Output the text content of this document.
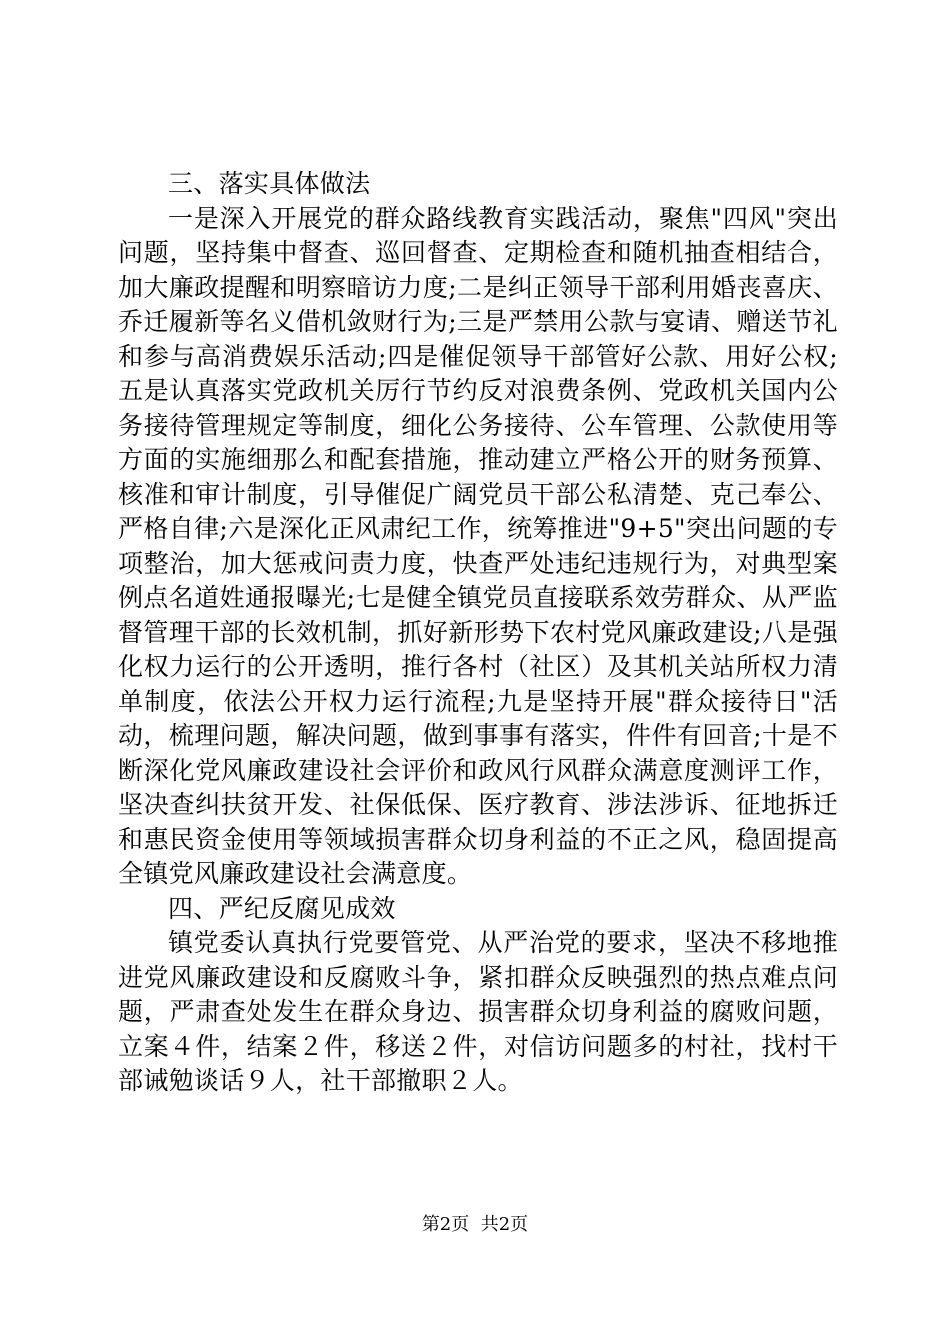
三、落实具体做法

一是深入开展党的群众路线教育实践活动，聚焦"四风"突出问题，坚持集中督查、巡回督查、定期检查和随机抽查相结合，加大廉政提醒和明察暗访力度;二是纠正领导干部利用婚丧喜庆、乔迁履新等名义借机敛财行为;三是严禁用公款与宴请、赠送节礼和参与高消费娱乐活动;四是催促领导干部管好公款、用好公权;五是认真落实党政机关厉行节约反对浪费条例、党政机关国内公务接待管理规定等制度，细化公务接待、公车管理、公款使用等方面的实施细那么和配套措施，推动建立严格公开的财务预算、核准和审计制度，引导催促广阔党员干部公私清楚、克己奉公、严格自律;六是深化正风肃纪工作，统筹推进"9+5"突出问题的专项整治，加大惩戒问责力度，快查严处违纪违规行为，对典型案例点名道姓通报曝光;七是健全镇党员直接联系效劳群众、从严监督管理干部的长效机制，抓好新形势下农村党风廉政建设;八是强化权力运行的公开透明，推行各村（社区）及其机关站所权力清单制度，依法公开权力运行流程;九是坚持开展"群众接待日"活动，梳理问题，解决问题，做到事事有落实，件件有回音;十是不断深化党风廉政建设社会评价和政风行风群众满意度测评工作，坚决查纠扶贫开发、社保低保、医疗教育、涉法涉诉、征地拆迁和惠民资金使用等领域损害群众切身利益的不正之风，稳固提高全镇党风廉政建设社会满意度。

四、严纪反腐见成效

镇党委认真执行党要管党、从严治党的要求，坚决不移地推进党风廉政建设和反腐败斗争，紧扣群众反映强烈的热点难点问题，严肃查处发生在群众身边、损害群众切身利益的腐败问题，立案４件，结案２件，移送２件，对信访问题多的村社，找村干部诫勉谈话９人，社干部撤职２人。

第2页  共2页
